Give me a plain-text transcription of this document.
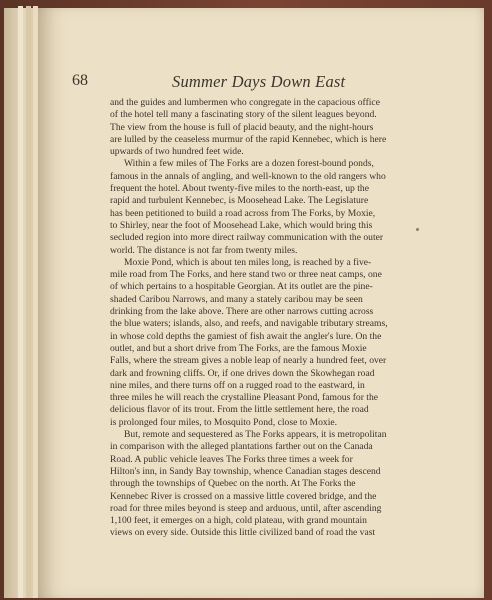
68	Summer Days Down East
and the guides and lumbermen who congregate in the capacious office
of the hotel tell many a fascinating story of the silent leagues beyond.
The view from the house is full of placid beauty, and the night-hours
are lulled by the ceaseless murmur of the rapid Kennebec, which is here
upwards of two hundred feet wide.
Within a few miles of The Forks are a dozen forest-bound ponds,
famous in the annals of angling, and well-known to the old rangers who
frequent the hotel. About twenty-five miles to the north-east, up the
rapid and turbulent Kennebec, is Moosehead Lake. The Legislature
has been petitioned to build a road across from The Forks, by Moxie,
to Shirley, near the foot of Moosehead Lake, which would bring this
secluded region into more direct railway communication with the outer
world. The distance is not far from twenty miles.
Moxie Pond, which is about ten miles long, is reached by a five-
mile road from The Forks, and here stand two or three neat camps, one
of which pertains to a hospitable Georgian. At its outlet are the pine-
shaded Caribou Narrows, and many a stately caribou may be seen
drinking from the lake above. There are other narrows cutting across
the blue waters; islands, also, and reefs, and navigable tributary streams,
in whose cold depths the gamiest of fish await the angler's lure. On the
outlet, and but a short drive from The Forks, are the famous Moxie
Falls, where the stream gives a noble leap of nearly a hundred feet, over
dark and frowning cliffs. Or, if one drives down the Skowhegan road
nine miles, and there turns off on a rugged road to the eastward, in
three miles he will reach the crystalline Pleasant Pond, famous for the
delicious flavor of its trout. From the little settlement here, the road
is prolonged four miles, to Mosquito Pond, close to Moxie.
But, remote and sequestered as The Forks appears, it is metropolitan
in comparison with the alleged plantations farther out on the Canada
Road. A public vehicle leaves The Forks three times a week for
Hilton's inn, in Sandy Bay township, whence Canadian stages descend
through the townships of Quebec on the north. At The Forks the
Kennebec River is crossed on a massive little covered bridge, and the
road for three miles beyond is steep and arduous, until, after ascending
1,100 feet, it emerges on a high, cold plateau, with grand mountain
views on every side. Outside this little civilized band of road the vast
